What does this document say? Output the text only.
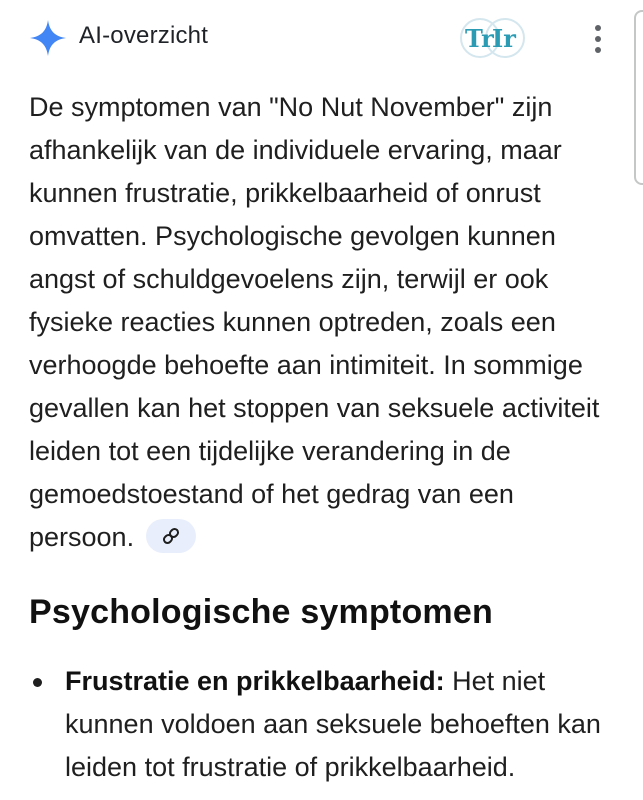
AI-overzicht	Tr
Ir
De symptomen van "No Nut November" zijn afhankelijk van de individuele ervaring, maar kunnen frustratie, prikkelbaarheid of onrust omvatten. Psychologische gevolgen kunnen angst of schuldgevoelens zijn, terwijl er ook fysieke reacties kunnen optreden, zoals een verhoogde behoefte aan intimiteit. In sommige gevallen kan het stoppen van seksuele activiteit leiden tot een tijdelijke verandering in de gemoedstoestand of het gedrag van een persoon.
Psychologische symptomen
Frustratie en prikkelbaarheid: Het niet kunnen voldoen aan seksuele behoeften kan leiden tot frustratie of prikkelbaarheid.
